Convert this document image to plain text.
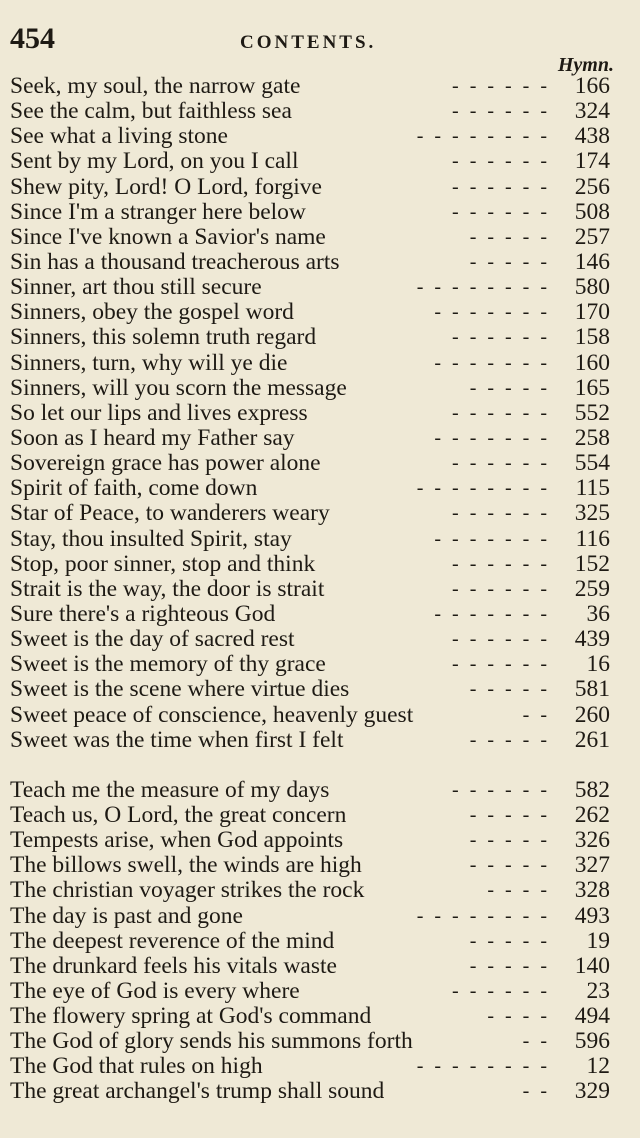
454	CONTENTS.
Hymn.
Seek, my soul, the narrow gate	- - - - - -	166
See the calm, but faithless sea	- - - - - -	324
See what a living stone	- - - - - - - -	438
Sent by my Lord, on you I call	- - - - - -	174
Shew pity, Lord! O Lord, forgive	- - - - - -	256
Since I'm a stranger here below	- - - - - -	508
Since I've known a Savior's name	- - - - -	257
Sin has a thousand treacherous arts	- - - - -	146
Sinner, art thou still secure	- - - - - - - -	580
Sinners, obey the gospel word	- - - - - - -	170
Sinners, this solemn truth regard	- - - - - -	158
Sinners, turn, why will ye die	- - - - - - -	160
Sinners, will you scorn the message	- - - - -	165
So let our lips and lives express	- - - - - -	552
Soon as I heard my Father say	- - - - - - -	258
Sovereign grace has power alone	- - - - - -	554
Spirit of faith, come down	- - - - - - - -	115
Star of Peace, to wanderers weary	- - - - - -	325
Stay, thou insulted Spirit, stay	- - - - - - -	116
Stop, poor sinner, stop and think	- - - - - -	152
Strait is the way, the door is strait	- - - - - -	259
Sure there's a righteous God	- - - - - - -	36
Sweet is the day of sacred rest	- - - - - -	439
Sweet is the memory of thy grace	- - - - - -	16
Sweet is the scene where virtue dies	- - - - -	581
Sweet peace of conscience, heavenly guest	- -	260
Sweet was the time when first I felt	- - - - -	261
Teach me the measure of my days	- - - - - -	582
Teach us, O Lord, the great concern	- - - - -	262
Tempests arise, when God appoints	- - - - -	326
The billows swell, the winds are high	- - - - -	327
The christian voyager strikes the rock	- - - -	328
The day is past and gone	- - - - - - - -	493
The deepest reverence of the mind	- - - - -	19
The drunkard feels his vitals waste	- - - - -	140
The eye of God is every where	- - - - - -	23
The flowery spring at God's command	- - - -	494
The God of glory sends his summons forth	- -	596
The God that rules on high	- - - - - - - -	12
The great archangel's trump shall sound	- -	329
